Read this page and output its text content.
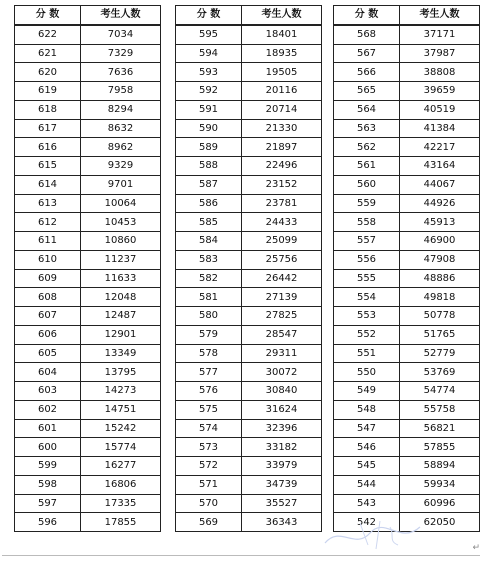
分 数	考生人数
622	7034
621	7329
620	7636
619	7958
618	8294
617	8632
616	8962
615	9329
614	9701
613	10064
612	10453
611	10860
610	11237
609	11633
608	12048
607	12487
606	12901
605	13349
604	13795
603	14273
602	14751
601	15242
600	15774
599	16277
598	16806
597	17335
596	17855
分 数	考生人数
595	18401
594	18935
593	19505
592	20116
591	20714
590	21330
589	21897
588	22496
587	23152
586	23781
585	24433
584	25099
583	25756
582	26442
581	27139
580	27825
579	28547
578	29311
577	30072
576	30840
575	31624
574	32396
573	33182
572	33979
571	34739
570	35527
569	36343
分 数	考生人数
568	37171
567	37987
566	38808
565	39659
564	40519
563	41384
562	42217
561	43164
560	44067
559	44926
558	45913
557	46900
556	47908
555	48886
554	49818
553	50778
552	51765
551	52779
550	53769
549	54774
548	55758
547	56821
546	57855
545	58894
544	59934
543	60996
542	62050
↵
